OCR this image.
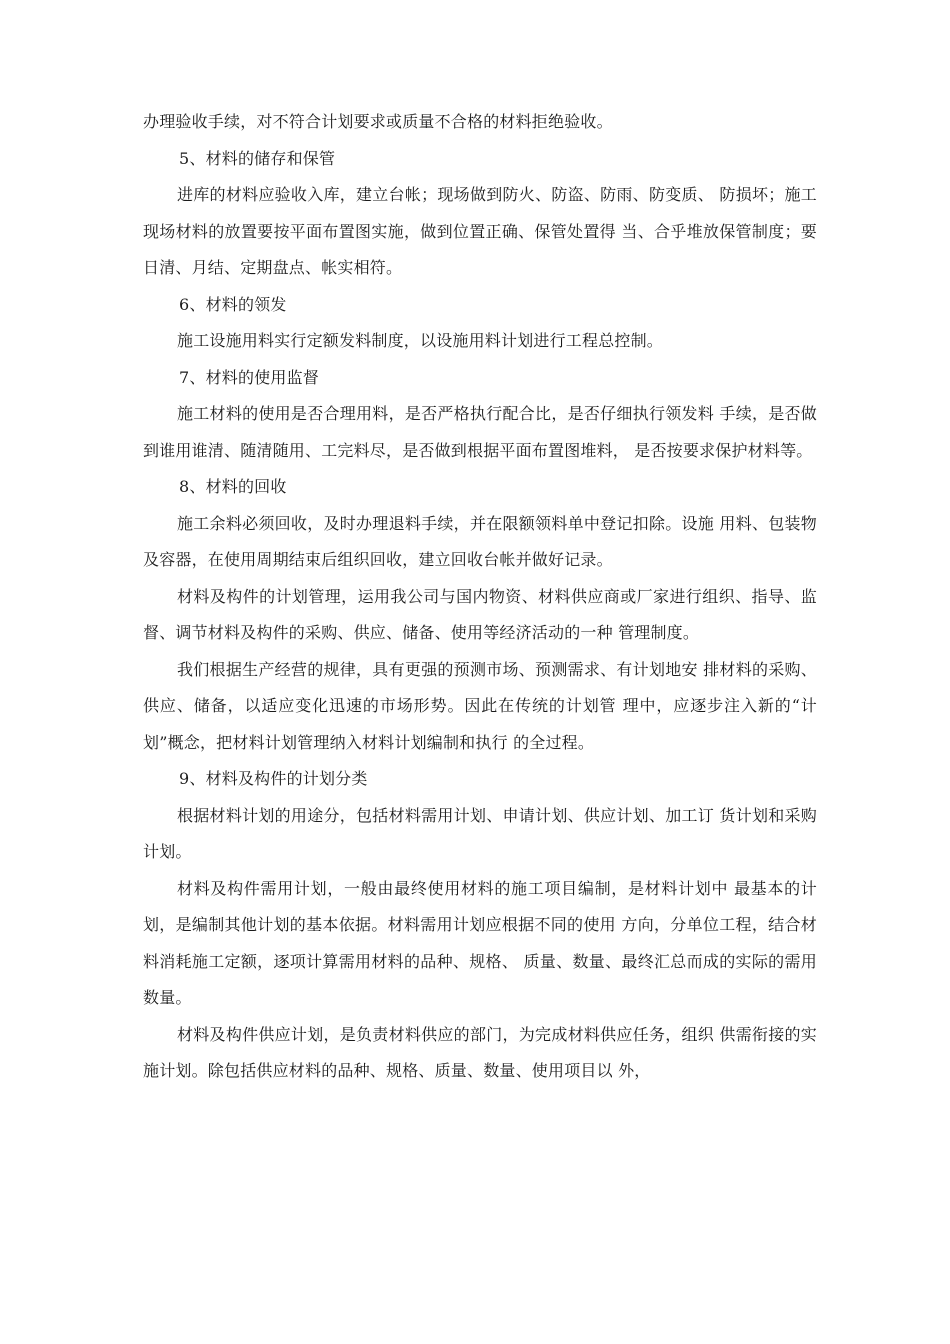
办理验收手续，对不符合计划要求或质量不合格的材料拒绝验收。

5、材料的储存和保管

进库的材料应验收入库，建立台帐；现场做到防火、防盗、防雨、防变质、 防损坏；施工现场材料的放置要按平面布置图实施，做到位置正确、保管处置得 当、合乎堆放保管制度；要日清、月结、定期盘点、帐实相符。

6、材料的领发

施工设施用料实行定额发料制度，以设施用料计划进行工程总控制。

7、材料的使用监督

施工材料的使用是否合理用料，是否严格执行配合比，是否仔细执行领发料 手续，是否做到谁用谁清、随清随用、工完料尽，是否做到根据平面布置图堆料， 是否按要求保护材料等。

8、材料的回收

施工余料必须回收，及时办理退料手续，并在限额领料单中登记扣除。设施 用料、包装物及容器，在使用周期结束后组织回收，建立回收台帐并做好记录。

材料及构件的计划管理，运用我公司与国内物资、材料供应商或厂家进行组织、指导、监督、调节材料及构件的采购、供应、储备、使用等经济活动的一种 管理制度。

我们根据生产经营的规律，具有更强的预测市场、预测需求、有计划地安 排材料的采购、供应、储备，以适应变化迅速的市场形势。因此在传统的计划管 理中，应逐步注入新的“计划”概念，把材料计划管理纳入材料计划编制和执行 的全过程。

9、材料及构件的计划分类

根据材料计划的用途分，包括材料需用计划、申请计划、供应计划、加工订 货计划和采购计划。

材料及构件需用计划，一般由最终使用材料的施工项目编制，是材料计划中 最基本的计划，是编制其他计划的基本依据。材料需用计划应根据不同的使用 方向，分单位工程，结合材料消耗施工定额，逐项计算需用材料的品种、规格、 质量、数量、最终汇总而成的实际的需用数量。

材料及构件供应计划，是负责材料供应的部门，为完成材料供应任务，组织 供需衔接的实施计划。除包括供应材料的品种、规格、质量、数量、使用项目以 外，
